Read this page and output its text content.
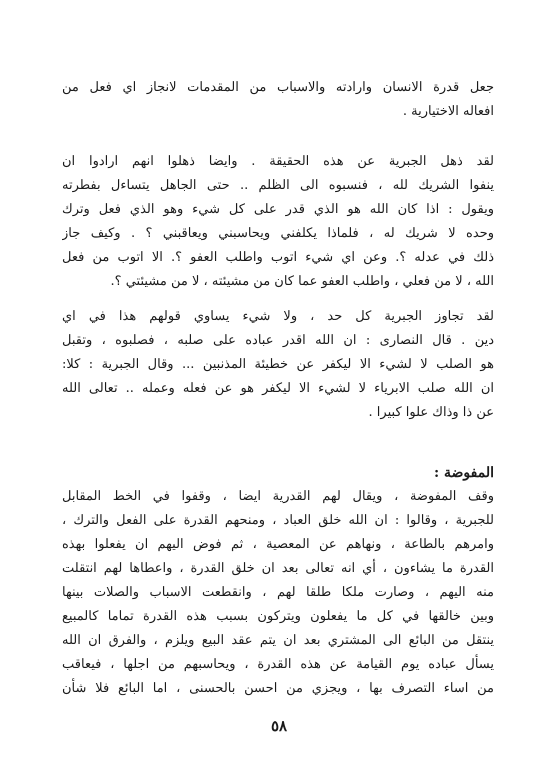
جعل قدرة الانسان وارادته والاسباب من المقدمات لانجاز اي فعل من
افعاله الاختيارية .
لقد ذهل الجبرية عن هذه الحقيقة . وايضا ذهلوا انهم ارادوا ان
ينفوا الشريك لله ، فنسبوه الى الظلم .. حتى الجاهل يتساءل بفطرته
ويقول : اذا كان الله هو الذي قدر على كل شيء وهو الذي فعل وترك
وحده لا شريك له ، فلماذا يكلفني ويحاسبني ويعاقبني ؟ . وكيف جاز
ذلك في عدله ؟. وعن اي شيء اتوب واطلب العفو ؟. الا اتوب من فعل
الله ، لا من فعلي ، واطلب العفو عما كان من مشيئته ، لا من مشيئتي ؟.
لقد تجاوز الجبرية كل حد ، ولا شيء يساوي قولهم هذا في اي
دين . قال النصارى : ان الله اقدر عباده على صلبه ، فصلبوه ، وتقبل
هو الصلب لا لشيء الا ليكفر عن خطيئة المذنبين ... وقال الجبرية : كلا:
ان الله صلب الابرياء لا لشيء الا ليكفر هو عن فعله وعمله .. تعالى الله
عن ذا وذاك علوا كبيرا .
المفوضة :
وقف المفوضة ، ويقال لهم القدرية ايضا ، وقفوا في الخط المقابل
للجبرية ، وقالوا : ان الله خلق العباد ، ومنحهم القدرة على الفعل والترك ،
وامرهم بالطاعة ، ونهاهم عن المعصية ، ثم فوض اليهم ان يفعلوا بهذه
القدرة ما يشاءون ، أي انه تعالى بعد ان خلق القدرة ، واعطاها لهم انتقلت
منه اليهم ، وصارت ملكا طلقا لهم ، وانقطعت الاسباب والصلات بينها
وبين خالقها في كل ما يفعلون ويتركون بسبب هذه القدرة تماما كالمبيع
ينتقل من البائع الى المشتري بعد ان يتم عقد البيع ويلزم ، والفرق ان الله
يسأل عباده يوم القيامة عن هذه القدرة ، ويحاسبهم من اجلها ، فيعاقب
من اساء التصرف بها ، ويجزي من احسن بالحسنى ، اما البائع فلا شأن
٥٨
